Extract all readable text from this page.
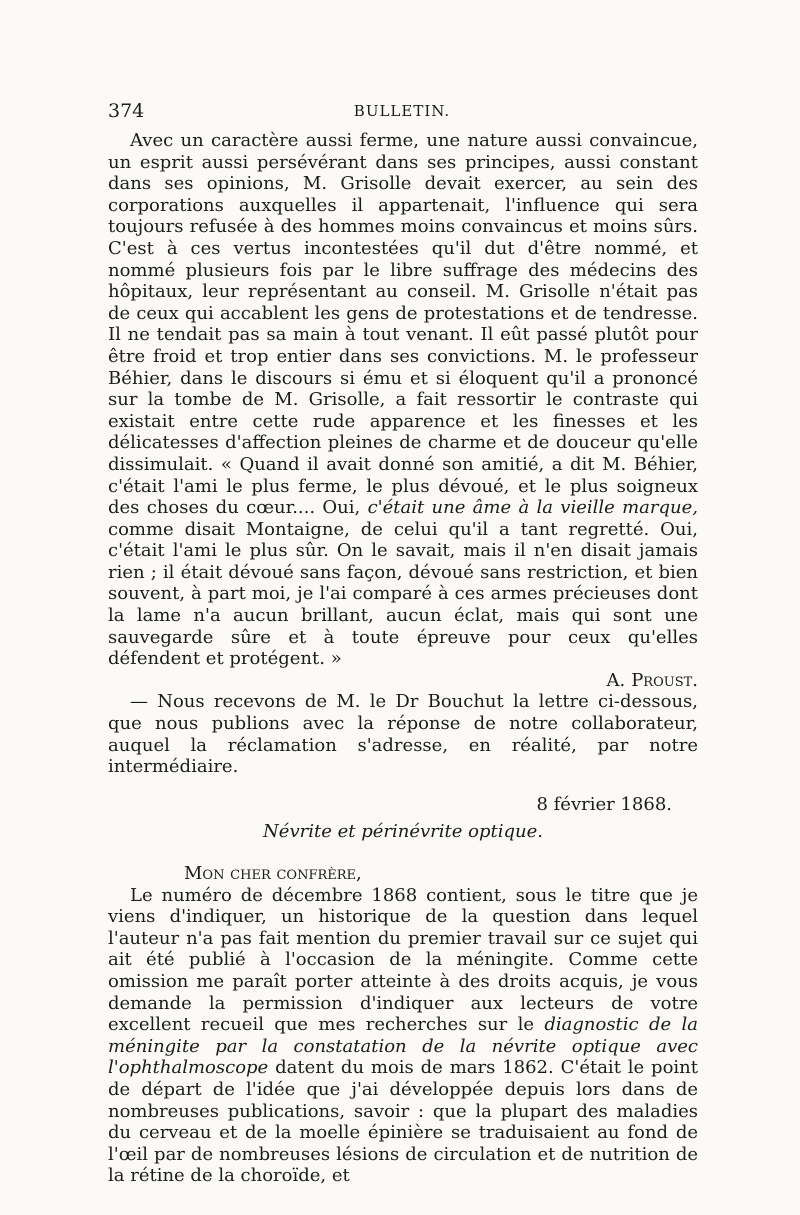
374	BULLETIN.

Avec un caractère aussi ferme, une nature aussi convaincue, un esprit aussi persévérant dans ses principes, aussi constant dans ses opinions, M. Grisolle devait exercer, au sein des corporations auxquelles il appartenait, l'influence qui sera toujours refusée à des hommes moins convaincus et moins sûrs. C'est à ces vertus incontestées qu'il dut d'être nommé, et nommé plusieurs fois par le libre suffrage des médecins des hôpitaux, leur représentant au conseil. M. Grisolle n'était pas de ceux qui accablent les gens de protestations et de tendresse. Il ne tendait pas sa main à tout venant. Il eût passé plutôt pour être froid et trop entier dans ses convictions. M. le professeur Béhier, dans le discours si ému et si éloquent qu'il a prononcé sur la tombe de M. Grisolle, a fait ressortir le contraste qui existait entre cette rude apparence et les finesses et les délicatesses d'affection pleines de charme et de douceur qu'elle dissimulait. « Quand il avait donné son amitié, a dit M. Béhier, c'était l'ami le plus ferme, le plus dévoué, et le plus soigneux des choses du cœur.... Oui, c'était une âme à la vieille marque, comme disait Montaigne, de celui qu'il a tant regretté. Oui, c'était l'ami le plus sûr. On le savait, mais il n'en disait jamais rien ; il était dévoué sans façon, dévoué sans restriction, et bien souvent, à part moi, je l'ai comparé à ces armes précieuses dont la lame n'a aucun brillant, aucun éclat, mais qui sont une sauvegarde sûre et à toute épreuve pour ceux qu'elles défendent et protégent. »

A. Proust.

— Nous recevons de M. le Dr Bouchut la lettre ci-dessous, que nous publions avec la réponse de notre collaborateur, auquel la réclamation s'adresse, en réalité, par notre intermédiaire.

8 février 1868.
Névrite et périnévrite optique.
Mon cher confrère,

Le numéro de décembre 1868 contient, sous le titre que je viens d'indiquer, un historique de la question dans lequel l'auteur n'a pas fait mention du premier travail sur ce sujet qui ait été publié à l'occasion de la méningite. Comme cette omission me paraît porter atteinte à des droits acquis, je vous demande la permission d'indiquer aux lecteurs de votre excellent recueil que mes recherches sur le diagnostic de la méningite par la constatation de la névrite optique avec l'ophthalmoscope datent du mois de mars 1862. C'était le point de départ de l'idée que j'ai développée depuis lors dans de nombreuses publications, savoir : que la plupart des maladies du cerveau et de la moelle épinière se traduisaient au fond de l'œil par de nombreuses lésions de circulation et de nutrition de la rétine de la choroïde, et
